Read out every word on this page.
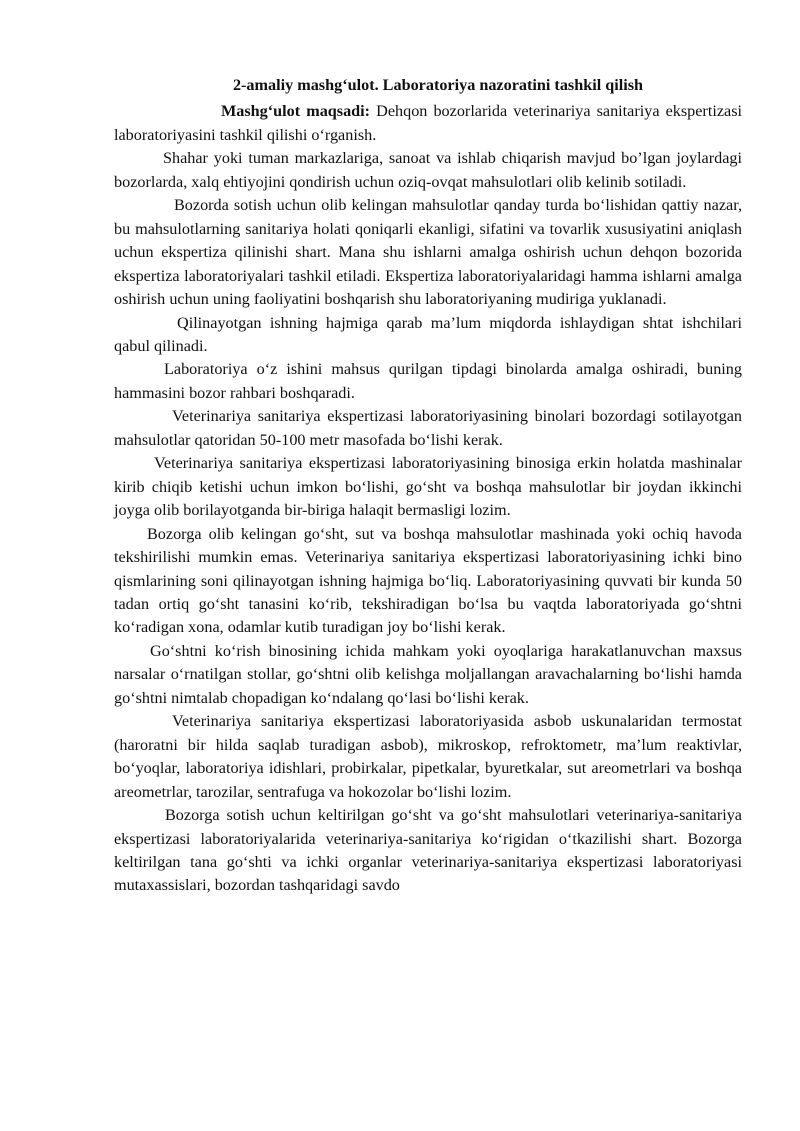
2-amaliy mashg‘ulot. Laboratoriya nazoratini tashkil qilish

Mashg‘ulot maqsadi: Dehqon bozorlarida veterinariya sanitariya ekspertizasi laboratoriyasini tashkil qilishi o‘rganish.

Shahar yoki tuman markazlariga, sanoat va ishlab chiqarish mavjud bo’lgan joylardagi bozorlarda, xalq ehtiyojini qondirish uchun oziq-ovqat mahsulotlari olib kelinib sotiladi.

Bozorda sotish uchun olib kelingan mahsulotlar qanday turda bo‘lishidan qattiy nazar, bu mahsulotlarning sanitariya holati qoniqarli ekanligi, sifatini va tovarlik xususiyatini aniqlash uchun ekspertiza qilinishi shart. Mana shu ishlarni amalga oshirish uchun dehqon bozorida ekspertiza laboratoriyalari tashkil etiladi. Ekspertiza laboratoriyalaridagi hamma ishlarni amalga oshirish uchun uning faoliyatini boshqarish shu laboratoriyaning mudiriga yuklanadi.

Qilinayotgan ishning hajmiga qarab ma’lum miqdorda ishlaydigan shtat ishchilari qabul qilinadi.

Laboratoriya o‘z ishini mahsus qurilgan tipdagi binolarda amalga oshiradi, buning hammasini bozor rahbari boshqaradi.

Veterinariya sanitariya ekspertizasi laboratoriyasining binolari bozordagi sotilayotgan mahsulotlar qatoridan 50-100 metr masofada bo‘lishi kerak.

Veterinariya sanitariya ekspertizasi laboratoriyasining binosiga erkin holatda mashinalar kirib chiqib ketishi uchun imkon bo‘lishi, go‘sht va boshqa mahsulotlar bir joydan ikkinchi joyga olib borilayotganda bir-biriga halaqit bermasligi lozim.

Bozorga olib kelingan go‘sht, sut va boshqa mahsulotlar mashinada yoki ochiq havoda tekshirilishi mumkin emas. Veterinariya sanitariya ekspertizasi laboratoriyasining ichki bino qismlarining soni qilinayotgan ishning hajmiga bo‘liq. Laboratoriyasining quvvati bir kunda 50 tadan ortiq go‘sht tanasini ko‘rib, tekshiradigan bo‘lsa bu vaqtda laboratoriyada go‘shtni ko‘radigan xona, odamlar kutib turadigan joy bo‘lishi kerak.

Go‘shtni ko‘rish binosining ichida mahkam yoki oyoqlariga harakatlanuvchan maxsus narsalar o‘rnatilgan stollar, go‘shtni olib kelishga moljallangan aravachalarning bo‘lishi hamda go‘shtni nimtalab chopadigan ko‘ndalang qo‘lasi bo‘lishi kerak.

Veterinariya sanitariya ekspertizasi laboratoriyasida asbob uskunalaridan termostat (haroratni bir hilda saqlab turadigan asbob), mikroskop, refroktometr, ma’lum reaktivlar, bo‘yoqlar, laboratoriya idishlari, probirkalar, pipetkalar, byuretkalar, sut areometrlari va boshqa areometrlar, tarozilar, sentrafuga va hokozolar bo‘lishi lozim.

Bozorga sotish uchun keltirilgan go‘sht va go‘sht mahsulotlari veterinariya-sanitariya ekspertizasi laboratoriyalarida veterinariya-sanitariya ko‘rigidan o‘tkazilishi shart. Bozorga keltirilgan tana go‘shti va ichki organlar veterinariya-sanitariya ekspertizasi laboratoriyasi mutaxassislari, bozordan tashqaridagi savdo
